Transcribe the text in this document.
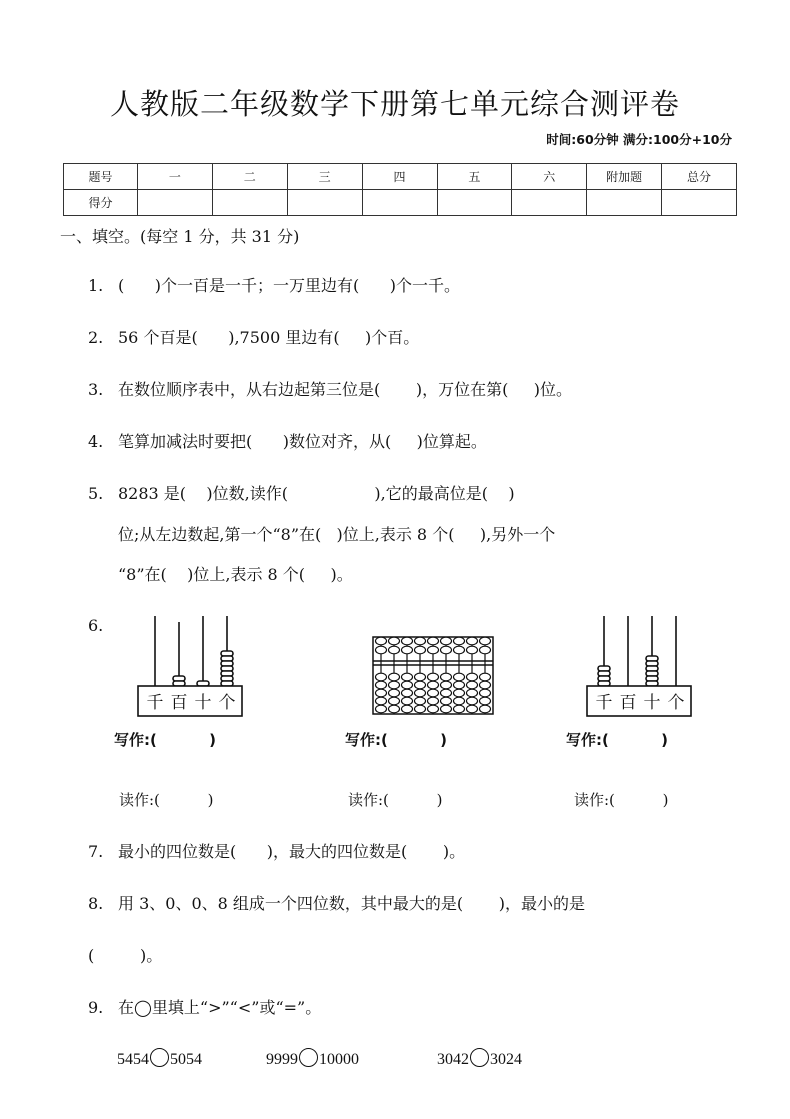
人教版二年级数学下册第七单元综合测评卷
时间:60分钟 满分:100分+10分
题号	一	二	三	四	五	六	附加题	总分
得分								
一、填空。(每空 1 分，共 31 分)
1. (      )个一百是一千；一万里边有(      )个一千。
2. 56 个百是(      ),7500 里边有(     )个百。
3. 在数位顺序表中，从右边起第三位是(       )，万位在第(     )位。
4. 笔算加减法时要把(      )数位对齐，从(     )位算起。
5. 8283 是(    )位数,读作(                 ),它的最高位是(    )
位;从左边数起,第一个“8”在(   )位上,表示 8 个(     ),另外一个
“8”在(    )位上,表示 8 个(     )。
6.
千 百 十 个	千 百 十 个
写作:(          )	写作:(          )	写作:(          )
读作:(          )	读作:(          )	读作:(          )
7. 最小的四位数是(      )，最大的四位数是(       )。
8. 用 3、0、0、8 组成一个四位数，其中最大的是(       )，最小的是
(         )。
9. 在◯里填上“>”“<”或“=”。
5454 5054	9999 10000	3042 3024
